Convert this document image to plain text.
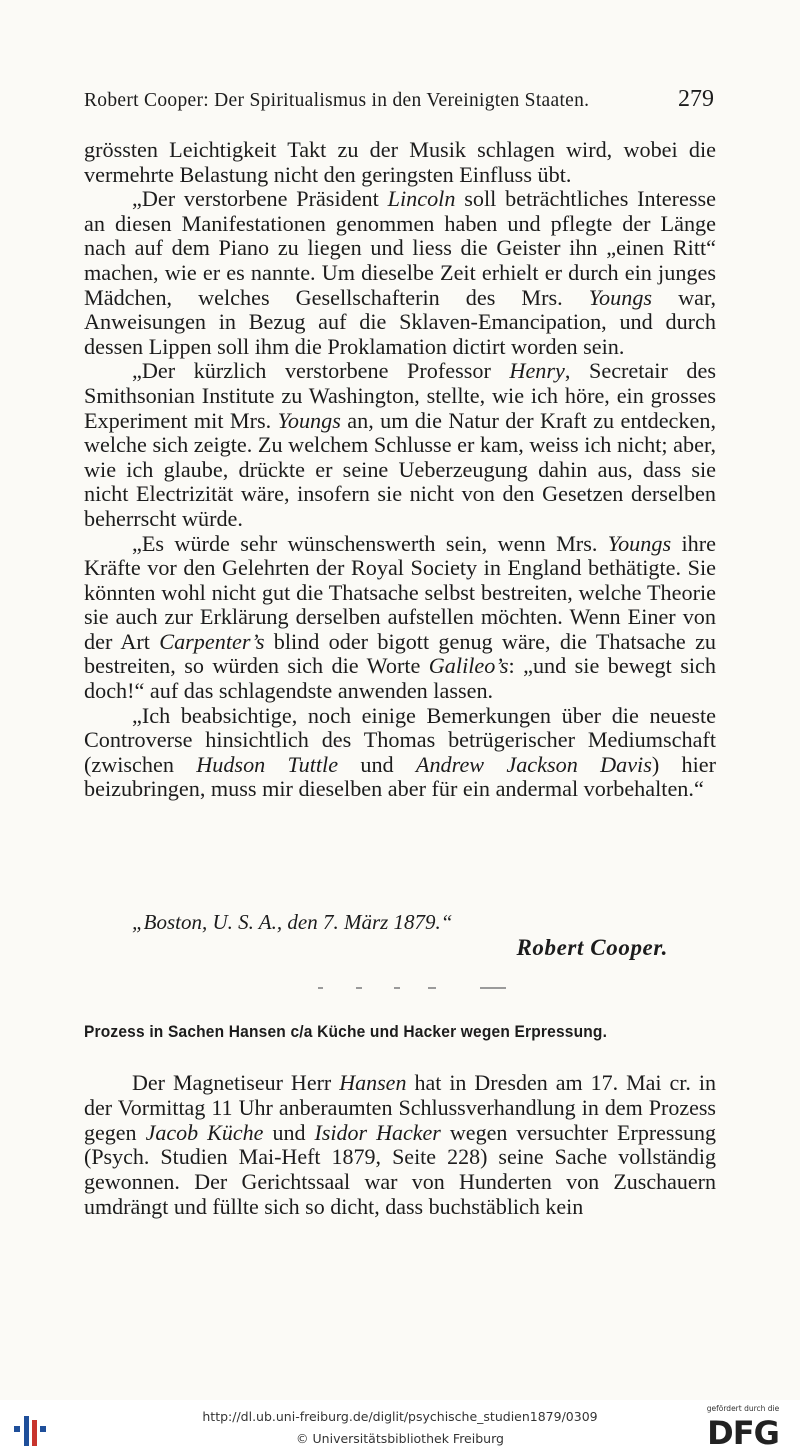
Robert Cooper: Der Spiritualismus in den Vereinigten Staaten.	279

grössten Leichtigkeit Takt zu der Musik schlagen wird, wobei die vermehrte Belastung nicht den geringsten Einfluss übt.

„Der verstorbene Präsident Lincoln soll beträchtliches Interesse an diesen Manifestationen genommen haben und pflegte der Länge nach auf dem Piano zu liegen und liess die Geister ihn „einen Ritt“ machen, wie er es nannte. Um dieselbe Zeit erhielt er durch ein junges Mädchen, welches Gesellschafterin des Mrs. Youngs war, Anweisungen in Bezug auf die Sklaven-Emancipation, und durch dessen Lippen soll ihm die Proklamation dictirt worden sein.

„Der kürzlich verstorbene Professor Henry, Secretair des Smithsonian Institute zu Washington, stellte, wie ich höre, ein grosses Experiment mit Mrs. Youngs an, um die Natur der Kraft zu entdecken, welche sich zeigte. Zu welchem Schlusse er kam, weiss ich nicht; aber, wie ich glaube, drückte er seine Ueberzeugung dahin aus, dass sie nicht Electrizität wäre, insofern sie nicht von den Gesetzen derselben beherrscht würde.

„Es würde sehr wünschenswerth sein, wenn Mrs. Youngs ihre Kräfte vor den Gelehrten der Royal Society in England bethätigte. Sie könnten wohl nicht gut die Thatsache selbst bestreiten, welche Theorie sie auch zur Erklärung derselben aufstellen möchten. Wenn Einer von der Art Carpenter’s blind oder bigott genug wäre, die Thatsache zu bestreiten, so würden sich die Worte Galileo’s: „und sie bewegt sich doch!“ auf das schlagendste anwenden lassen.

„Ich beabsichtige, noch einige Bemerkungen über die neueste Controverse hinsichtlich des Thomas betrügerischer Mediumschaft (zwischen Hudson Tuttle und Andrew Jackson Davis) hier beizubringen, muss mir dieselben aber für ein andermal vorbehalten.“

„Boston, U. S. A., den 7. März 1879.“
Robert Cooper.
Prozess in Sachen Hansen c/a Küche und Hacker wegen Erpressung.

Der Magnetiseur Herr Hansen hat in Dresden am 17. Mai cr. in der Vormittag 11 Uhr anberaumten Schlussverhandlung in dem Prozess gegen Jacob Küche und Isidor Hacker wegen versuchter Erpressung (Psych. Studien Mai-Heft 1879, Seite 228) seine Sache vollständig gewonnen. Der Gerichtssaal war von Hunderten von Zuschauern umdrängt und füllte sich so dicht, dass buchstäblich kein

http://dl.ub.uni-freiburg.de/diglit/psychische_studien1879/0309
© Universitätsbibliothek Freiburg
gefördert durch die
DFG
